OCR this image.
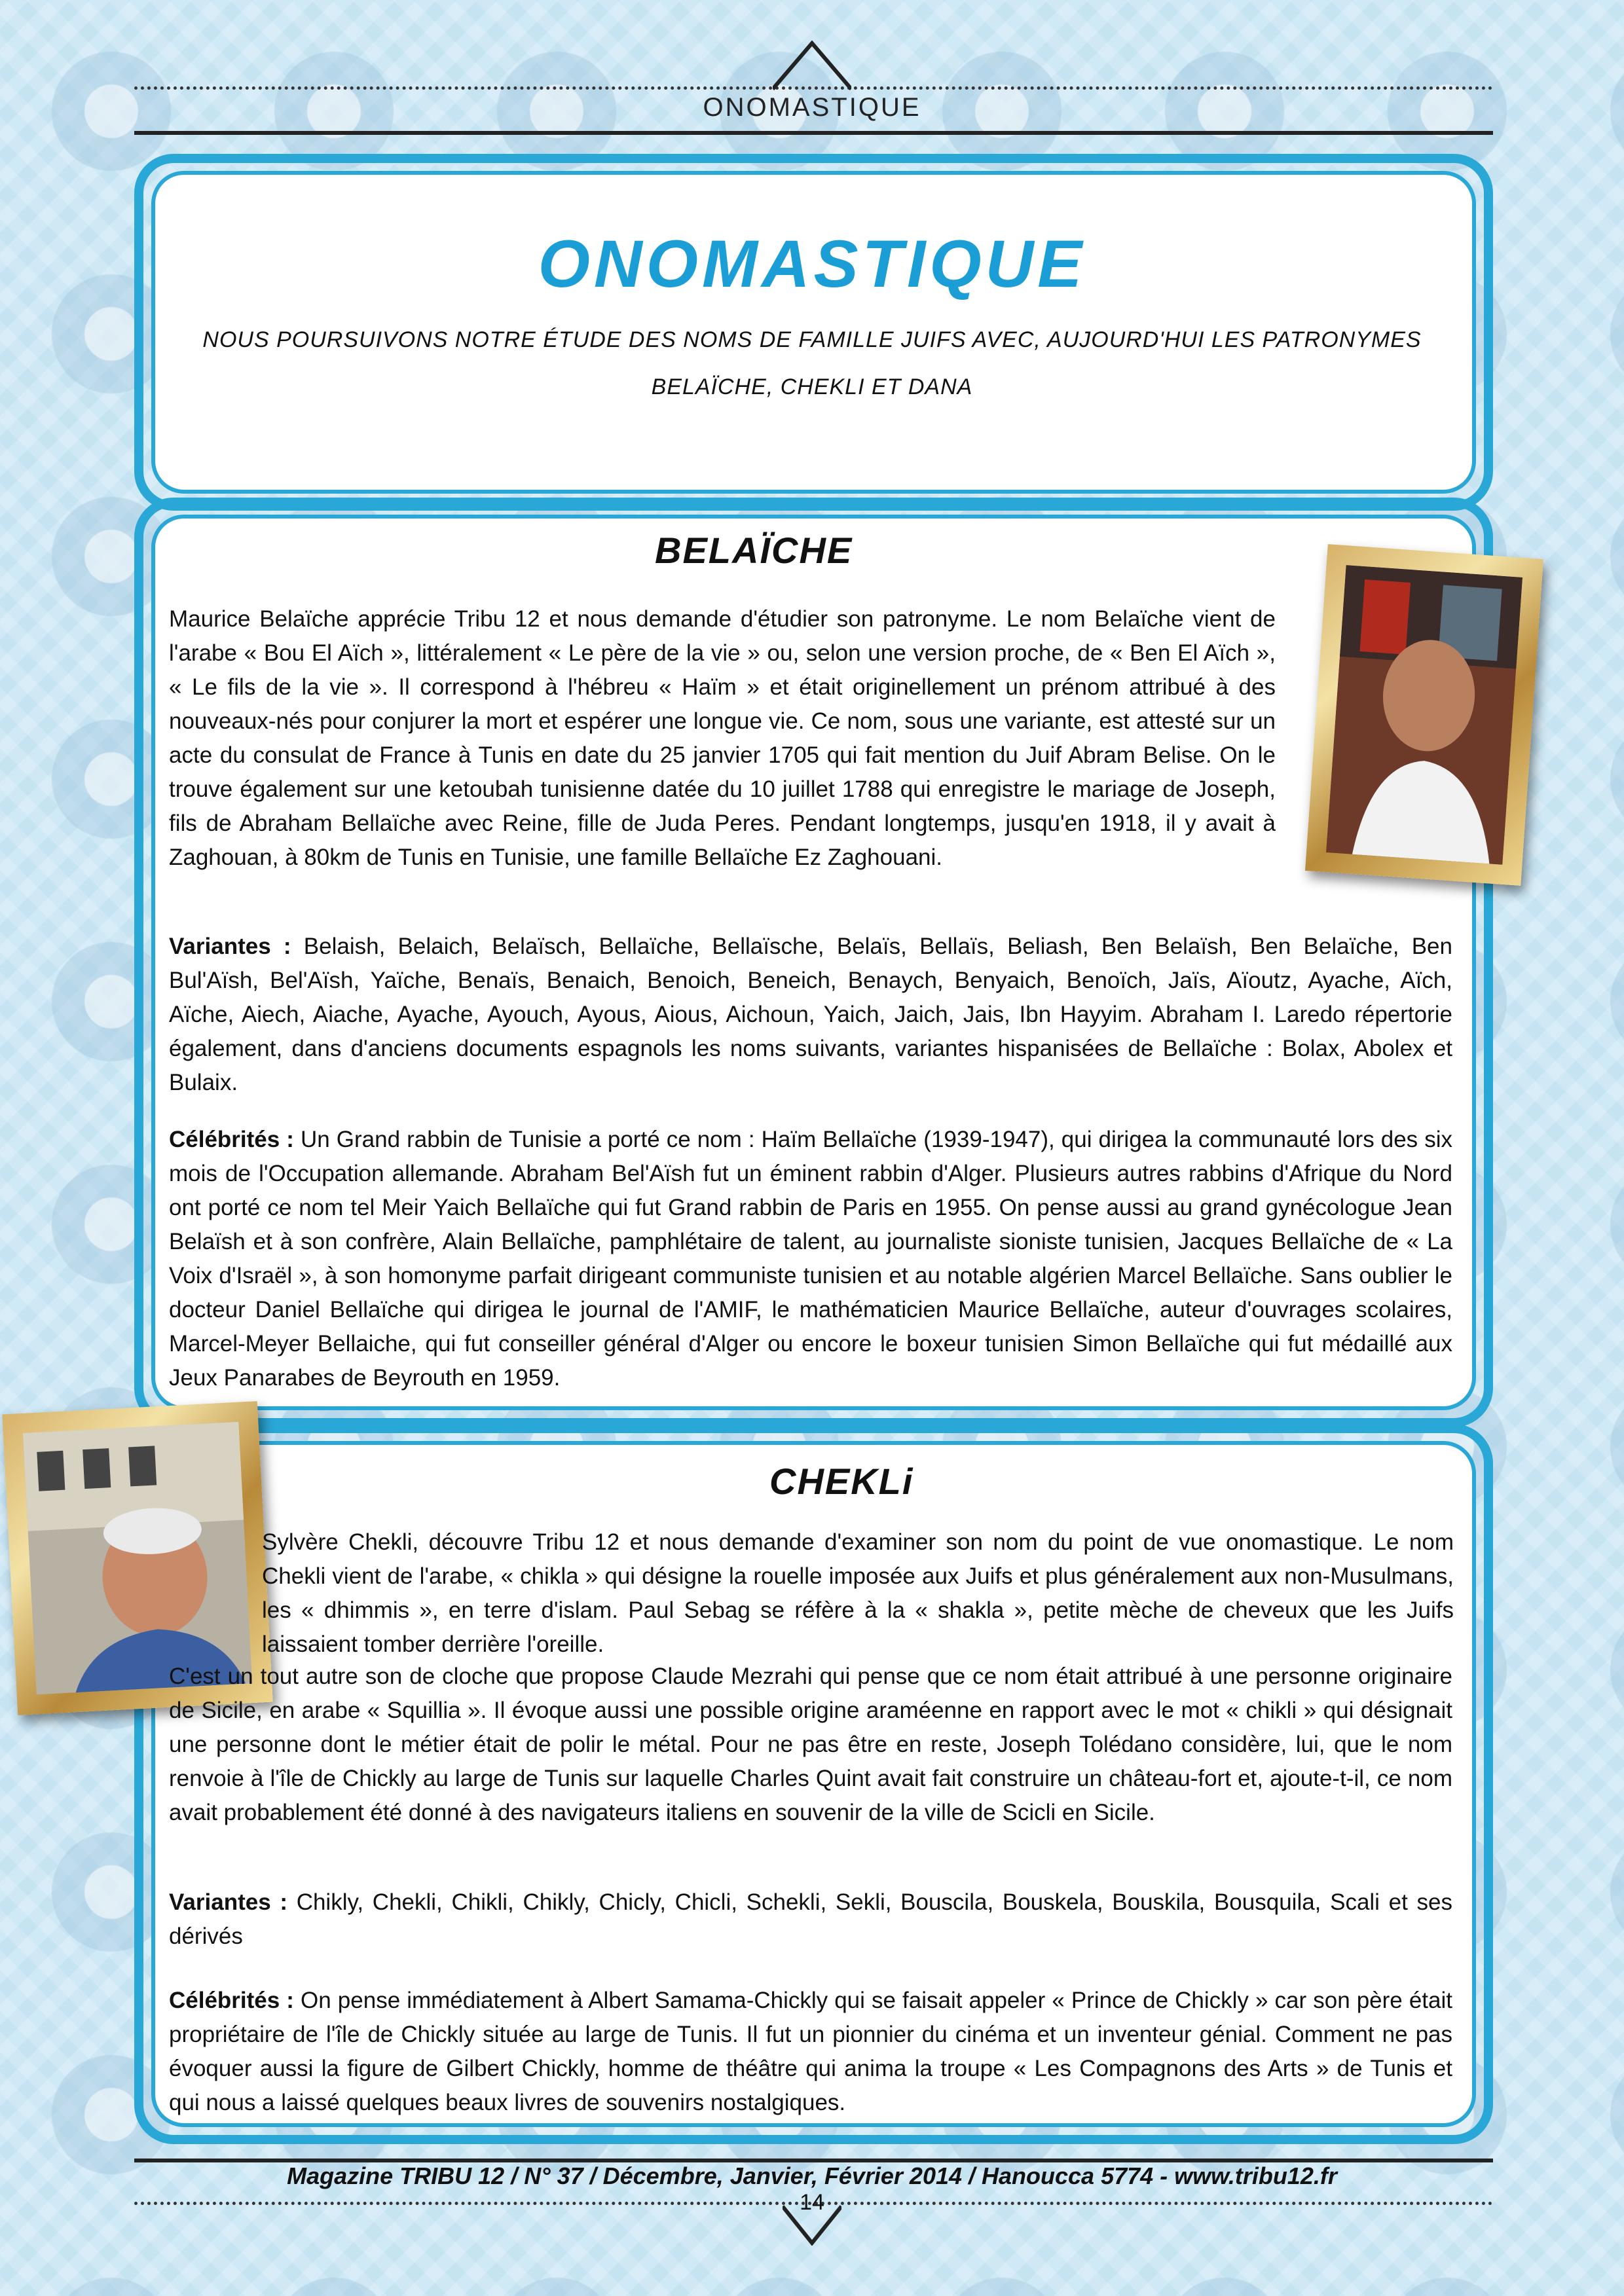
ONOMASTIQUE
ONOMASTIQUE
NOUS POURSUIVONS NOTRE ÉTUDE DES NOMS DE FAMILLE JUIFS AVEC, AUJOURD'HUI LES PATRONYMES
BELAÏCHE, CHEKLI ET DANA
BELAÏCHE
Maurice Belaïche apprécie Tribu 12 et nous demande d'étudier son patronyme. Le nom Belaïche vient de l'arabe « Bou El Aïch », littéralement « Le père de la vie » ou, selon une version proche, de « Ben El Aïch », « Le fils de la vie ». Il correspond à l'hébreu « Haïm » et était originellement un prénom attribué à des nouveaux-nés pour conjurer la mort et espérer une longue vie. Ce nom, sous une variante, est attesté sur un acte du consulat de France à Tunis en date du 25 janvier 1705 qui fait mention du Juif Abram Belise. On le trouve également sur une ketoubah tunisienne datée du 10 juillet 1788 qui enregistre le mariage de Joseph, fils de Abraham Bellaïche avec Reine, fille de Juda Peres. Pendant longtemps, jusqu'en 1918, il y avait à Zaghouan, à 80km de Tunis en Tunisie, une famille Bellaïche Ez Zaghouani.
Variantes : Belaish, Belaich, Belaïsch, Bellaïche, Bellaïsche, Belaïs, Bellaïs, Beliash, Ben Belaïsh, Ben Belaïche, Ben Bul'Aïsh, Bel'Aïsh, Yaïche, Benaïs, Benaich, Benoich, Beneich, Benaych, Benyaich, Benoïch, Jaïs, Aïoutz, Ayache, Aïch, Aïche, Aiech, Aiache, Ayache, Ayouch, Ayous, Aious, Aichoun, Yaich, Jaich, Jais, Ibn Hayyim. Abraham I. Laredo répertorie également, dans d'anciens documents espagnols les noms suivants, variantes hispanisées de Bellaïche : Bolax, Abolex et Bulaix.
Célébrités : Un Grand rabbin de Tunisie a porté ce nom : Haïm Bellaïche (1939-1947), qui dirigea la communauté lors des six mois de l'Occupation allemande. Abraham Bel'Aïsh fut un éminent rabbin d'Alger. Plusieurs autres rabbins d'Afrique du Nord ont porté ce nom tel Meir Yaich Bellaïche qui fut Grand rabbin de Paris en 1955. On pense aussi au grand gynécologue Jean Belaïsh et à son confrère, Alain Bellaïche, pamphlétaire de talent, au journaliste sioniste tunisien, Jacques Bellaïche de « La Voix d'Israël », à son homonyme parfait dirigeant communiste tunisien et au notable algérien Marcel Bellaïche. Sans oublier le docteur Daniel Bellaïche qui dirigea le journal de l'AMIF, le mathématicien Maurice Bellaïche, auteur d'ouvrages scolaires, Marcel-Meyer Bellaiche, qui fut conseiller général d'Alger ou encore le boxeur tunisien Simon Bellaïche qui fut médaillé aux Jeux Panarabes de Beyrouth en 1959.
CHEKLi
Sylvère Chekli, découvre Tribu 12 et nous demande d'examiner son nom du point de vue onomastique. Le nom Chekli vient de l'arabe, « chikla » qui désigne la rouelle imposée aux Juifs et plus généralement aux non-Musulmans, les « dhimmis », en terre d'islam. Paul Sebag se réfère à la « shakla », petite mèche de cheveux que les Juifs laissaient tomber derrière l'oreille.
C'est un tout autre son de cloche que propose Claude Mezrahi qui pense que ce nom était attribué à une personne originaire de Sicile, en arabe « Squillia ». Il évoque aussi une possible origine araméenne en rapport avec le mot « chikli » qui désignait une personne dont le métier était de polir le métal. Pour ne pas être en reste, Joseph Tolédano considère, lui, que le nom renvoie à l'île de Chickly au large de Tunis sur laquelle Charles Quint avait fait construire un château-fort et, ajoute-t-il, ce nom avait probablement été donné à des navigateurs italiens en souvenir de la ville de Scicli en Sicile.
Variantes : Chikly, Chekli, Chikli, Chikly, Chicly, Chicli, Schekli, Sekli, Bouscila, Bouskela, Bouskila, Bousquila, Scali et ses dérivés
Célébrités : On pense immédiatement à Albert Samama-Chickly qui se faisait appeler « Prince de Chickly » car son père était propriétaire de l'île de Chickly située au large de Tunis. Il fut un pionnier du cinéma et un inventeur génial. Comment ne pas évoquer aussi la figure de Gilbert Chickly, homme de théâtre qui anima la troupe « Les Compagnons des Arts » de Tunis et qui nous a laissé quelques beaux livres de souvenirs nostalgiques.
Magazine TRIBU 12 / N° 37 / Décembre, Janvier, Février 2014 / Hanoucca 5774 - www.tribu12.fr
14
